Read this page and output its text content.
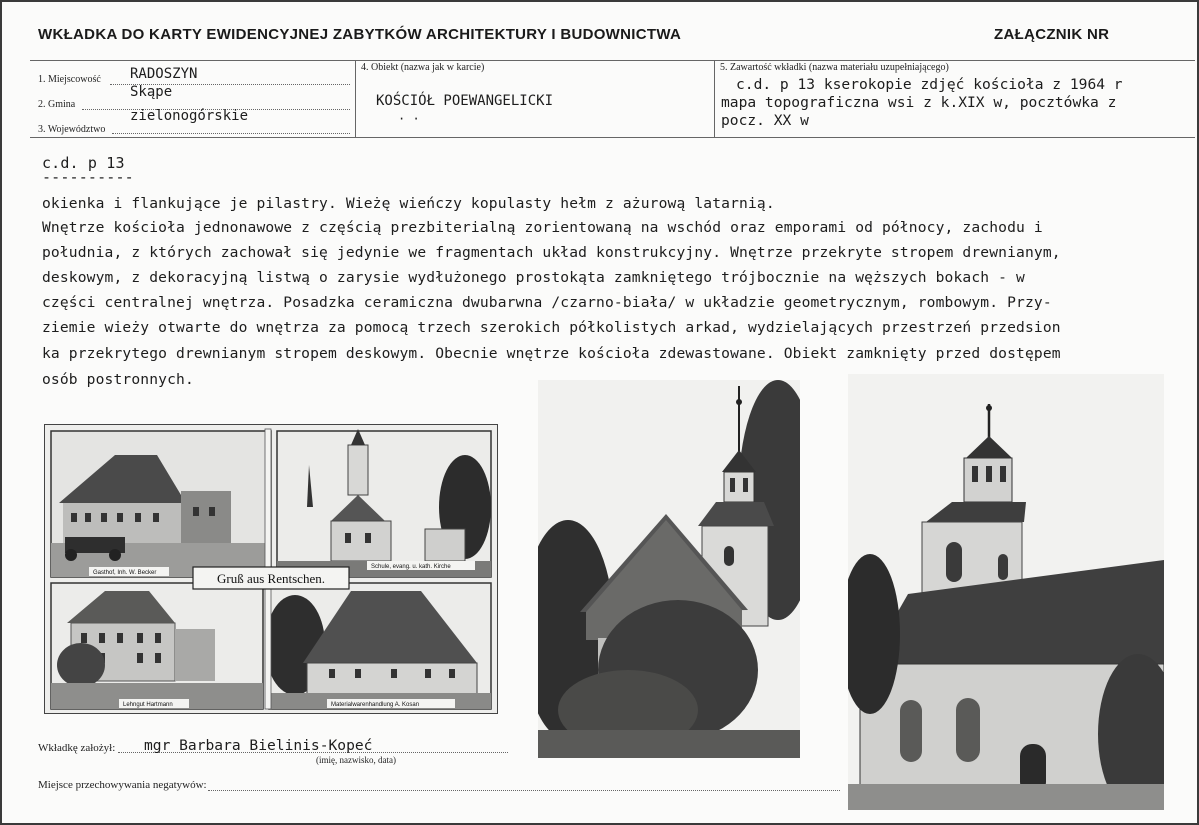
WKŁADKA DO KARTY EWIDENCYJNEJ ZABYTKÓW ARCHITEKTURY I BUDOWNICTWA	ZAŁĄCZNIK NR
1. Miejscowość RADOSZYN
2. Gmina
Skąpe
3. Województwo
zielonogórskie
4. Obiekt (nazwa jak w karcie)
KOŚCIÓŁ POEWANGELICKI
· ·
5. Zawartość wkładki (nazwa materiału uzupełniającego)
c.d. p 13 kserokopie zdjęć kościoła z 1964 r
mapa topograficzna wsi z k.XIX w, pocztówka z
pocz. XX w
c.d. p 13
----------
okienka i flankujące je pilastry. Wieżę wieńczy kopulasty hełm z ażurową latarnią.
Wnętrze kościoła jednonawowe z częścią prezbiterialną zorientowaną na wschód oraz emporami od północy, zachodu i
południa, z których zachował się jedynie we fragmentach układ konstrukcyjny. Wnętrze przekryte stropem drewnianym,
deskowym, z dekoracyjną listwą o zarysie wydłużonego prostokąta zamkniętego trójbocznie na węższych bokach - w
części centralnej wnętrza. Posadzka ceramiczna dwubarwna /czarno-biała/ w układzie geometrycznym, rombowym. Przy-
ziemie wieży otwarte do wnętrza za pomocą trzech szerokich półkolistych arkad, wydzielających przestrzeń przedsion
ka przekrytego drewnianym stropem deskowym. Obecnie wnętrze kościoła zdewastowane. Obiekt zamknięty przed dostępem
osób postronnych.
Gruß aus Rentschen.
Gasthof, Inh. W. Becker
Schule, evang. u. kath. Kirche
Lehngut Hartmann	Materialwarenhandlung A. Kosan
Wkładkę założył: mgr Barbara Bielinis-Kopeć
(imię, nazwisko, data)
Miejsce przechowywania negatywów:
